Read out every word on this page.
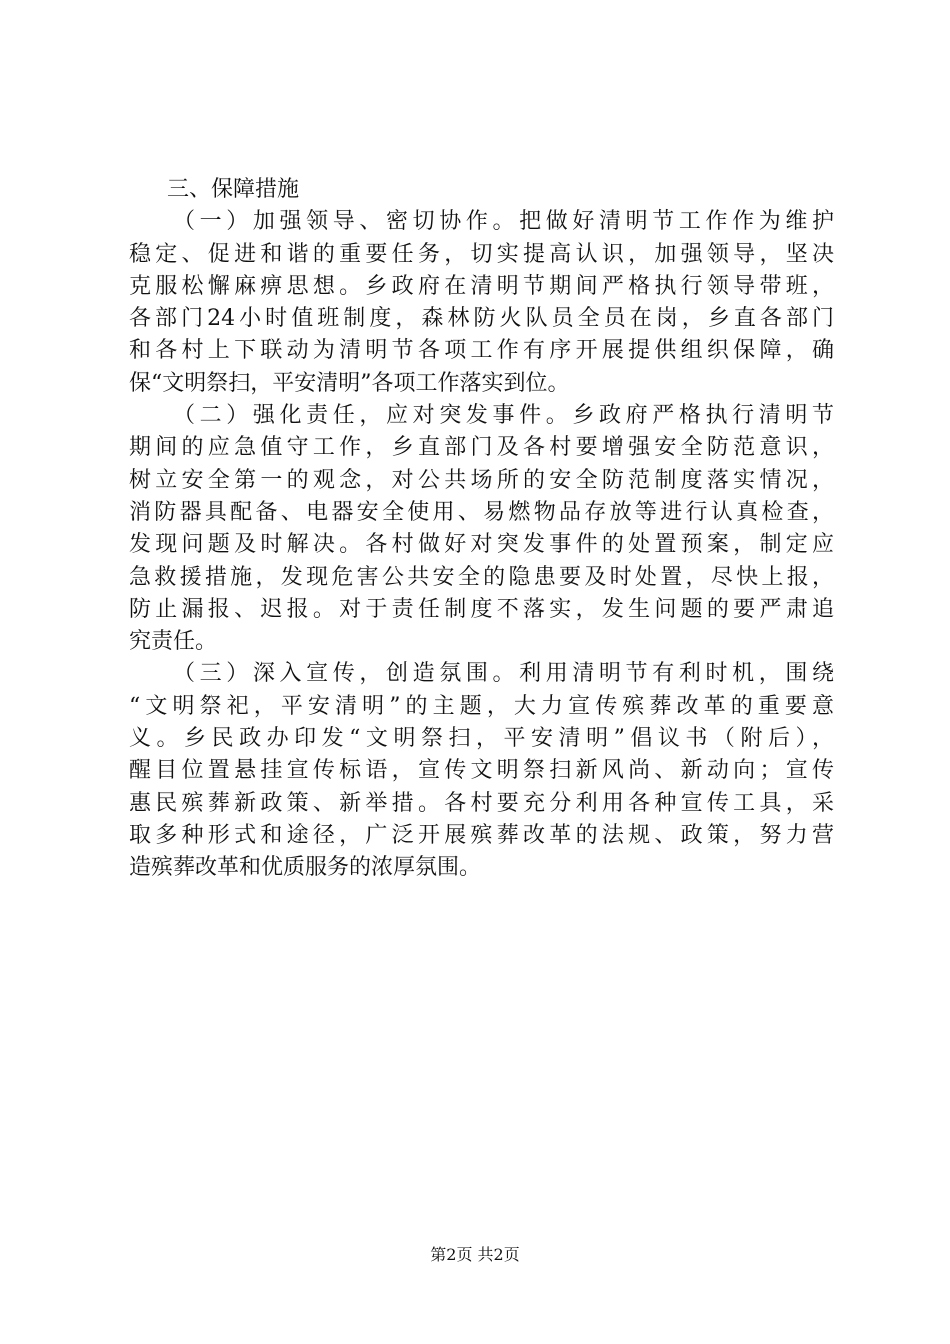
三、保障措施
（一）加强领导、密切协作。把做好清明节工作作为维护
稳定、促进和谐的重要任务，切实提高认识，加强领导，坚决
克服松懈麻痹思想。乡政府在清明节期间严格执行领导带班，
各部门24小时值班制度，森林防火队员全员在岗，乡直各部门
和各村上下联动为清明节各项工作有序开展提供组织保障，确
保“文明祭扫，平安清明”各项工作落实到位。
（二）强化责任，应对突发事件。乡政府严格执行清明节
期间的应急值守工作，乡直部门及各村要增强安全防范意识，
树立安全第一的观念，对公共场所的安全防范制度落实情况，
消防器具配备、电器安全使用、易燃物品存放等进行认真检查，
发现问题及时解决。各村做好对突发事件的处置预案，制定应
急救援措施，发现危害公共安全的隐患要及时处置，尽快上报，
防止漏报、迟报。对于责任制度不落实，发生问题的要严肃追
究责任。
（三）深入宣传，创造氛围。利用清明节有利时机，围绕
“文明祭祀，平安清明”的主题，大力宣传殡葬改革的重要意
义。乡民政办印发“文明祭扫，平安清明”倡议书（附后），
醒目位置悬挂宣传标语，宣传文明祭扫新风尚、新动向；宣传
惠民殡葬新政策、新举措。各村要充分利用各种宣传工具，采
取多种形式和途径，广泛开展殡葬改革的法规、政策，努力营
造殡葬改革和优质服务的浓厚氛围。
第2页 共2页
